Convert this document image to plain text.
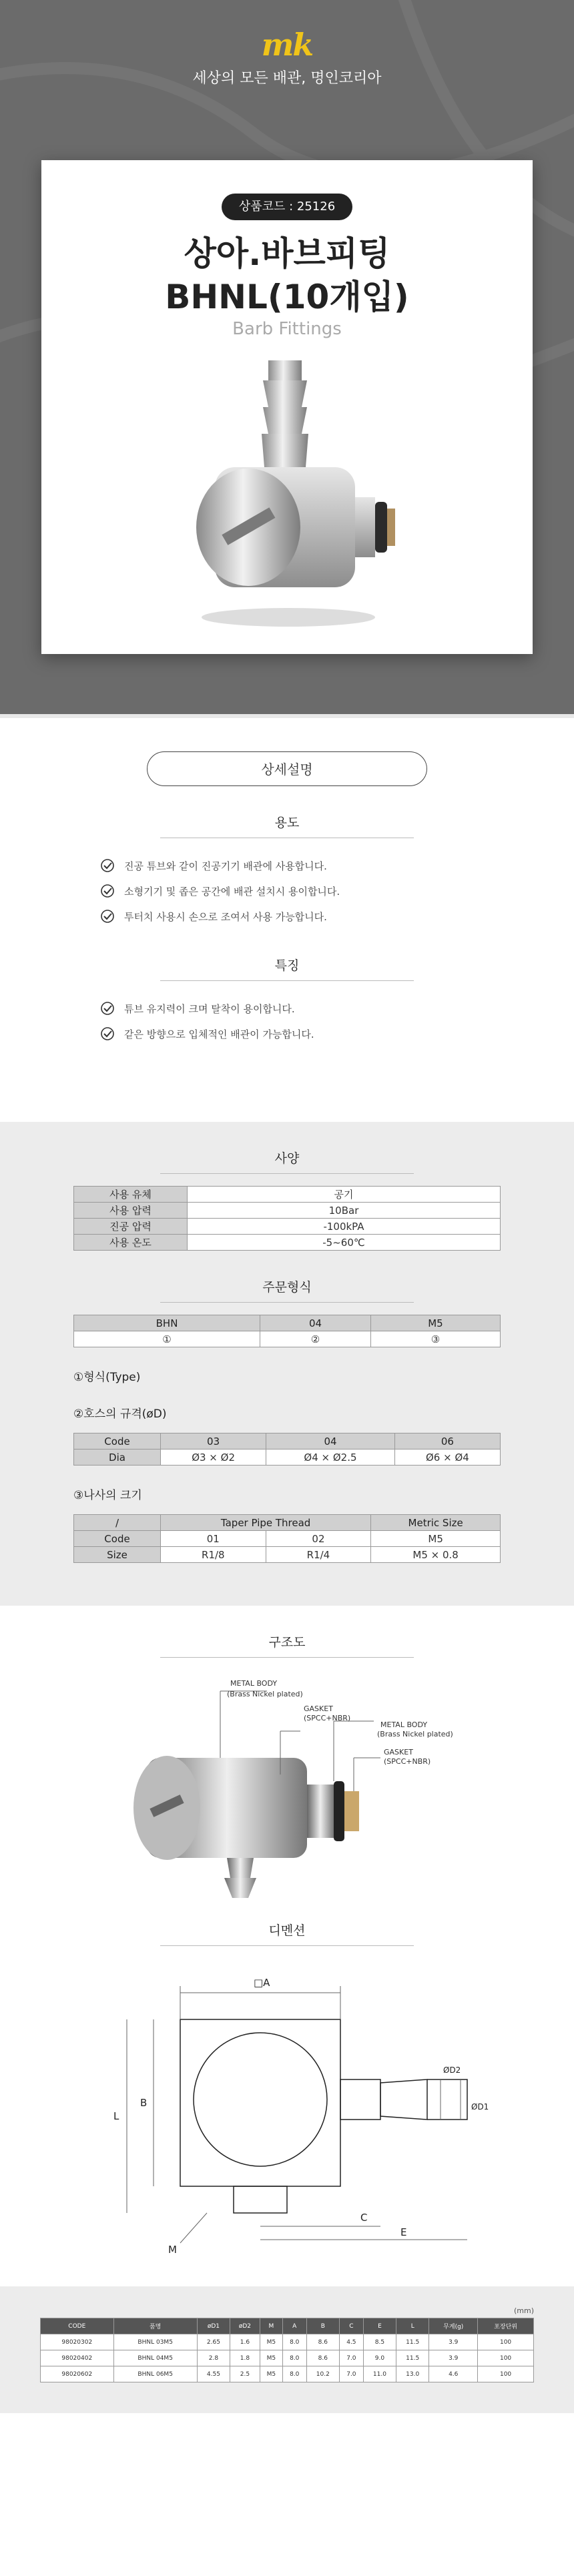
mk
세상의 모든 배관, 명인코리아
상품코드 : 25126
상아.바브피팅
BHNL(10개입)
Barb Fittings
상세설명
용도
진공 튜브와 같이 진공기기 배관에 사용합니다.
소형기기 및 좁은 공간에 배관 설치시 용이합니다.
투터치 사용시 손으로 조여서 사용 가능합니다.
특징
튜브 유지력이 크며 탈착이 용이합니다.
같은 방향으로 입체적인 배관이 가능합니다.
사양
사용 유체	공기
사용 압력	10Bar
진공 압력	-100kPA
사용 온도	-5~60℃
주문형식
BHN	04	M5
①	②	③
①형식(Type)
②호스의 규격(øD)
Code	03	04	06
Dia	Ø3 × Ø2	Ø4 × Ø2.5	Ø6 × Ø4
③나사의 크기
/	Taper Pipe Thread		Metric Size
Code	01	02	M5
Size	R1/8	R1/4	M5 × 0.8
구조도
METAL BODY
(Brass Nickel plated)
GASKET
(SPCC+NBR)
METAL BODY
(Brass Nickel plated)
GASKET
(SPCC+NBR)
디멘션
□A
B
L
C
E
M
ØD1
ØD2
(mm)
CODE	품명	øD1	øD2	M	A	B	C	E	L	무게(g)	포장단위
98020302	BHNL 03M5	2.65	1.6	M5	8.0	8.6	4.5	8.5	11.5	3.9	100
98020402	BHNL 04M5	2.8	1.8	M5	8.0	8.6	7.0	9.0	11.5	3.9	100
98020602	BHNL 06M5	4.55	2.5	M5	8.0	10.2	7.0	11.0	13.0	4.6	100
